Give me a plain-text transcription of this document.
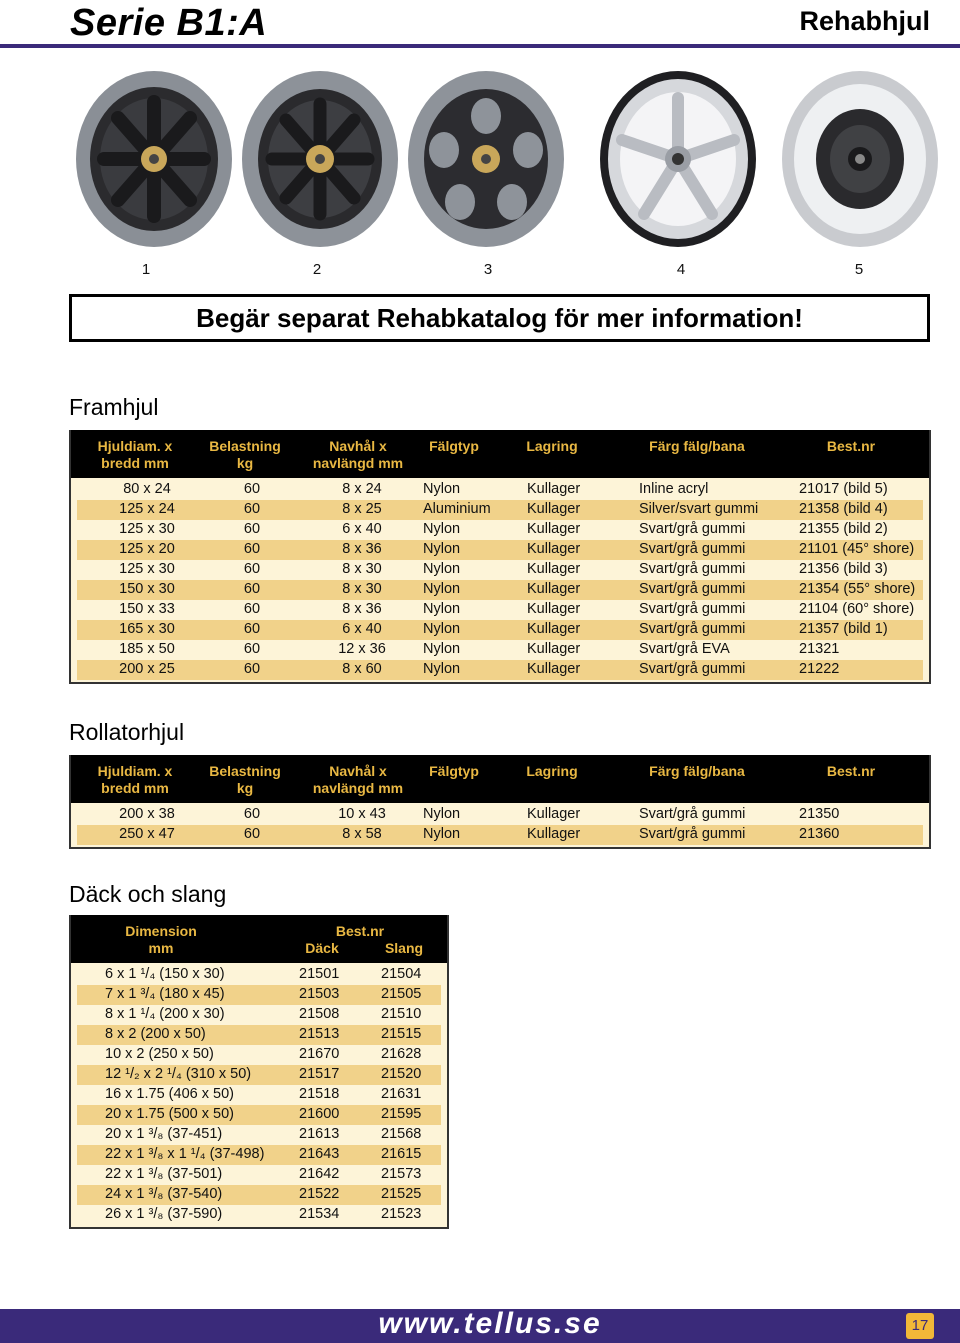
Serie B1:A	Rehabhjul
1	2	3	4	5
Begär separat Rehabkatalog för mer information!
Framhjul
Hjuldiam. x
bredd mm
Belastning
kg
Navhål x
navlängd mm
Fälgtyp	Lagring	Färg fälg/bana	Best.nr
80 x 24	60	8 x 24	Nylon	Kullager	Inline acryl	21017 (bild 5)
125 x 24	60	8 x 25	Aluminium	Kullager	Silver/svart gummi	21358 (bild 4)
125 x 30	60	6 x 40	Nylon	Kullager	Svart/grå gummi	21355 (bild 2)
125 x 20	60	8 x 36	Nylon	Kullager	Svart/grå gummi	21101 (45° shore)
125 x 30	60	8 x 30	Nylon	Kullager	Svart/grå gummi	21356 (bild 3)
150 x 30	60	8 x 30	Nylon	Kullager	Svart/grå gummi	21354 (55° shore)
150 x 33	60	8 x 36	Nylon	Kullager	Svart/grå gummi	21104 (60° shore)
165 x 30	60	6 x 40	Nylon	Kullager	Svart/grå gummi	21357 (bild 1)
185 x 50	60	12 x 36	Nylon	Kullager	Svart/grå EVA	21321
200 x 25	60	8 x 60	Nylon	Kullager	Svart/grå gummi	21222
Rollatorhjul
Hjuldiam. x
bredd mm
Belastning
kg
Navhål x
navlängd mm
Fälgtyp	Lagring	Färg fälg/bana	Best.nr
200 x 38	60	10 x 43	Nylon	Kullager	Svart/grå gummi	21350
250 x 47	60	8 x 58	Nylon	Kullager	Svart/grå gummi	21360
Däck och slang
Dimension
mm
Best.nr
Däck	Slang
6 x 1 ¹/₄ (150 x 30)	21501	21504
7 x 1 ³/₄ (180 x 45)	21503	21505
8 x 1 ¹/₄ (200 x 30)	21508	21510
8 x 2 (200 x 50)	21513	21515
10 x 2 (250 x 50)	21670	21628
12 ¹/₂ x 2 ¹/₄ (310 x 50)	21517	21520
16 x 1.75 (406 x 50)	21518	21631
20 x 1.75 (500 x 50)	21600	21595
20 x 1 ³/₈ (37-451)	21613	21568
22 x 1 ³/₈ x 1 ¹/₄ (37-498) 21643	21615
22 x 1 ³/₈ (37-501)	21642	21573
24 x 1 ³/₈ (37-540)	21522	21525
26 x 1 ³/₈ (37-590)	21534	21523
www.tellus.se	17
